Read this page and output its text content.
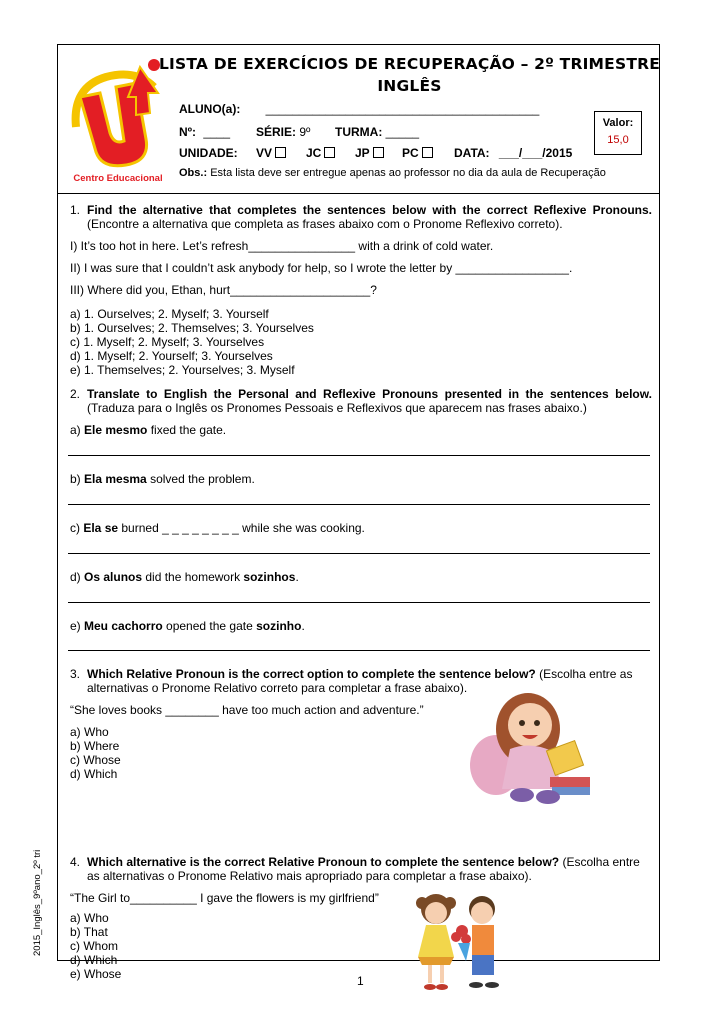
Centro Educacional
LISTA DE EXERCÍCIOS DE RECUPERAÇÃO – 2º TRIMESTRE
INGLÊS
ALUNO(a): _________________________________________
Nº: ____ SÉRIE: 9º TURMA: _____
UNIDADE: VV	JC	JP	PC	DATA: ___/___/2015
Obs.: Esta lista deve ser entregue apenas ao professor no dia da aula de Recuperação
Valor:
15,0
1. Find the alternative that completes the sentences below with the correct Reflexive Pronouns.
(Encontre a alternativa que completa as frases abaixo com o Pronome Reflexivo correto).
I) It’s too hot in here. Let’s refresh________________ with a drink of cold water.
II) I was sure that I couldn’t ask anybody for help, so I wrote the letter by _________________.
III) Where did you, Ethan, hurt_____________________?
a) 1. Ourselves; 2. Myself; 3. Yourself
b) 1. Ourselves; 2. Themselves; 3. Yourselves
c) 1. Myself; 2. Myself; 3. Yourselves
d) 1. Myself; 2. Yourself; 3. Yourselves
e) 1. Themselves; 2. Yourselves; 3. Myself
2. Translate to English the Personal and Reflexive Pronouns presented in the sentences below.
(Traduza para o Inglês os Pronomes Pessoais e Reflexivos que aparecem nas frases abaixo.)
a) Ele mesmo fixed the gate.
b) Ela mesma solved the problem.
c) Ela se burned _ _ _ _ _ _ _ _ while she was cooking.
d) Os alunos did the homework sozinhos.
e) Meu cachorro opened the gate sozinho.
3. Which Relative Pronoun is the correct option to complete the sentence below? (Escolha entre as
alternativas o Pronome Relativo correto para completar a frase abaixo).
“She loves books ________ have too much action and adventure.”
a) Who
b) Where
c) Whose
d) Which
4. Which alternative is the correct Relative Pronoun to complete the sentence below? (Escolha entre
as alternativas o Pronome Relativo mais apropriado para completar a frase abaixo).
“The Girl to__________ I gave the flowers is my girlfriend”
a) Who
b) That
c) Whom
d) Which
e) Whose
2015_Inglês_9ºano_2º tri
1
